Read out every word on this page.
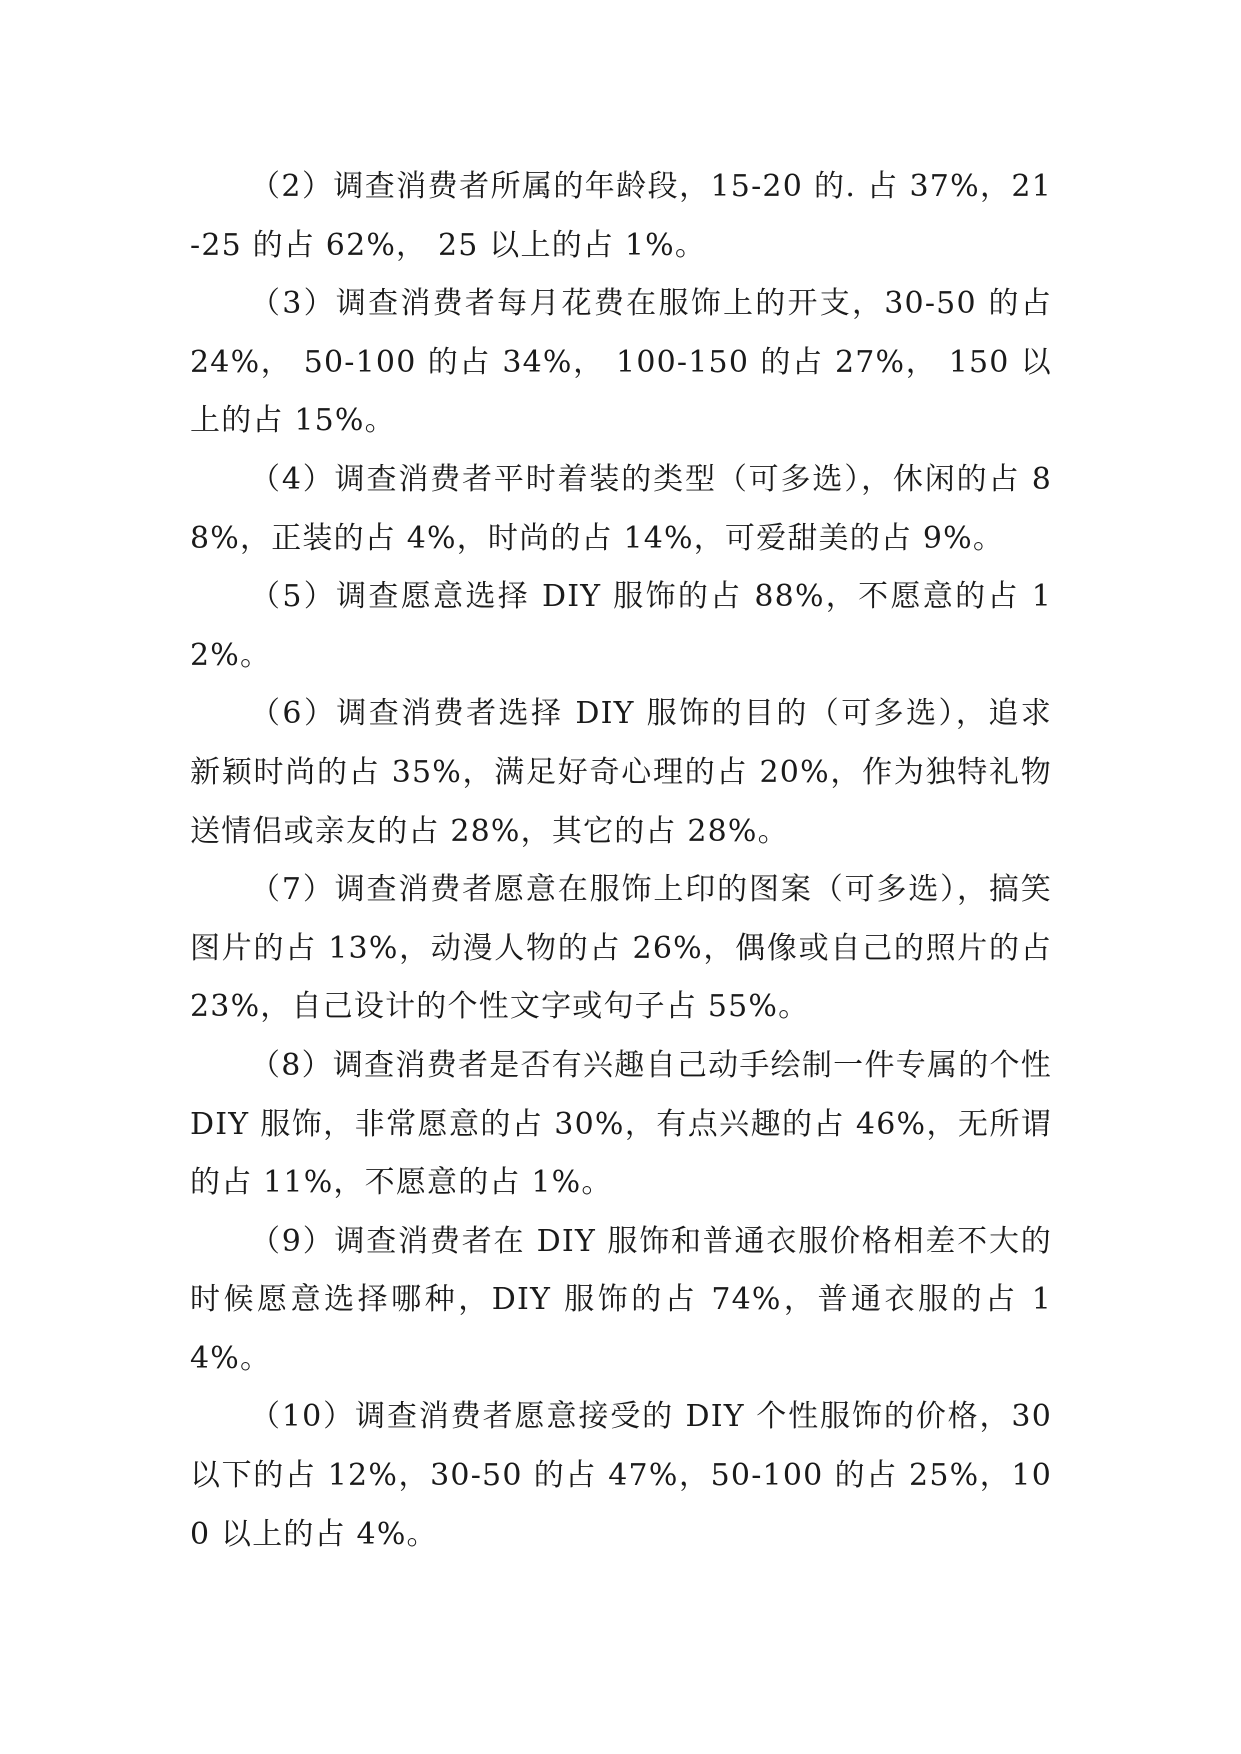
（2）调查消费者所属的年龄段，15-20 的. 占 37%，21-25 的占 62%， 25 以上的占 1%。

（3）调查消费者每月花费在服饰上的开支，30-50 的占 24%， 50-100 的占 34%， 100-150 的占 27%， 150 以上的占 15%。

（4）调查消费者平时着装的类型（可多选），休闲的占 88%，正装的占 4%，时尚的占 14%，可爱甜美的占 9%。

（5）调查愿意选择 DIY 服饰的占 88%，不愿意的占 12%。

（6）调查消费者选择 DIY 服饰的目的（可多选），追求新颖时尚的占 35%，满足好奇心理的占 20%，作为独特礼物送情侣或亲友的占 28%，其它的占 28%。

（7）调查消费者愿意在服饰上印的图案（可多选），搞笑图片的占 13%，动漫人物的占 26%，偶像或自己的照片的占 23%，自己设计的个性文字或句子占 55%。

（8）调查消费者是否有兴趣自己动手绘制一件专属的个性 DIY 服饰，非常愿意的占 30%，有点兴趣的占 46%，无所谓的占 11%，不愿意的占 1%。

（9）调查消费者在 DIY 服饰和普通衣服价格相差不大的时候愿意选择哪种，DIY 服饰的占 74%，普通衣服的占 14%。

（10）调查消费者愿意接受的 DIY 个性服饰的价格，30 以下的占 12%，30-50 的占 47%，50-100 的占 25%，100 以上的占 4%。
